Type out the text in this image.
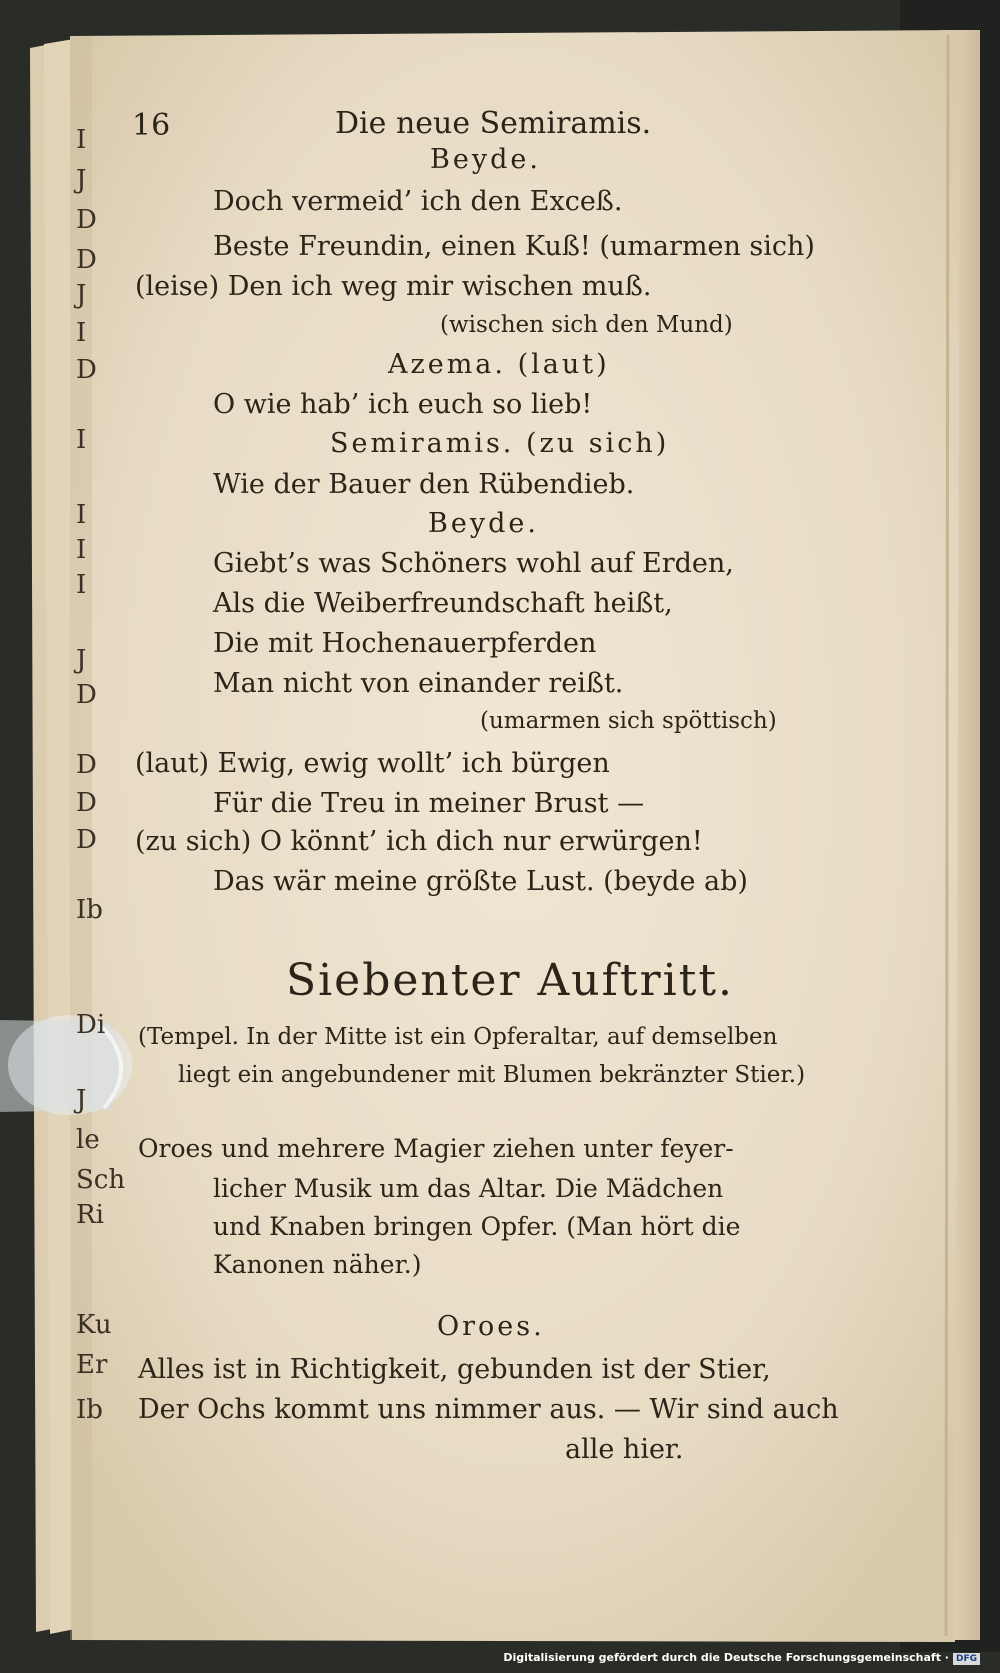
16	Die neue Semiramis.
Beyde.
Doch vermeid’ ich den Exceß.
Beste Freundin, einen Kuß! (umarmen sich)
(leise) Den ich weg mir wischen muß.
(wischen sich den Mund)
Azema. (laut)
O wie hab’ ich euch so lieb!
Semiramis. (zu sich)
Wie der Bauer den Rübendieb.
Beyde.
Giebt’s was Schöners wohl auf Erden,
Als die Weiberfreundschaft heißt,
Die mit Hochenauerpferden
Man nicht von einander reißt.
(umarmen sich spöttisch)
(laut) Ewig, ewig wollt’ ich bürgen
Für die Treu in meiner Brust —
(zu sich) O könnt’ ich dich nur erwürgen!
Das wär meine größte Lust. (beyde ab)
(Tempel. In der Mitte ist ein Opferaltar, auf demselben
liegt ein angebundener mit Blumen bekränzter Stier.)
Oroes und mehrere Magier ziehen unter feyer-
licher Musik um das Altar. Die Mädchen
und Knaben bringen Opfer. (Man hört die
Kanonen näher.)
Oroes.
Alles ist in Richtigkeit, gebunden ist der Stier,
Der Ochs kommt uns nimmer aus. — Wir sind auch
alle hier.
Siebenter Auftritt.
I
J
D
D
J
I
D
I
I
I
I
J
D
D
D
D
Ib
Di
J
le
Sch
Ri
Ku
Er
Ib
Digitalisierung gefördert durch die Deutsche Forschungsgemeinschaft · DFG
